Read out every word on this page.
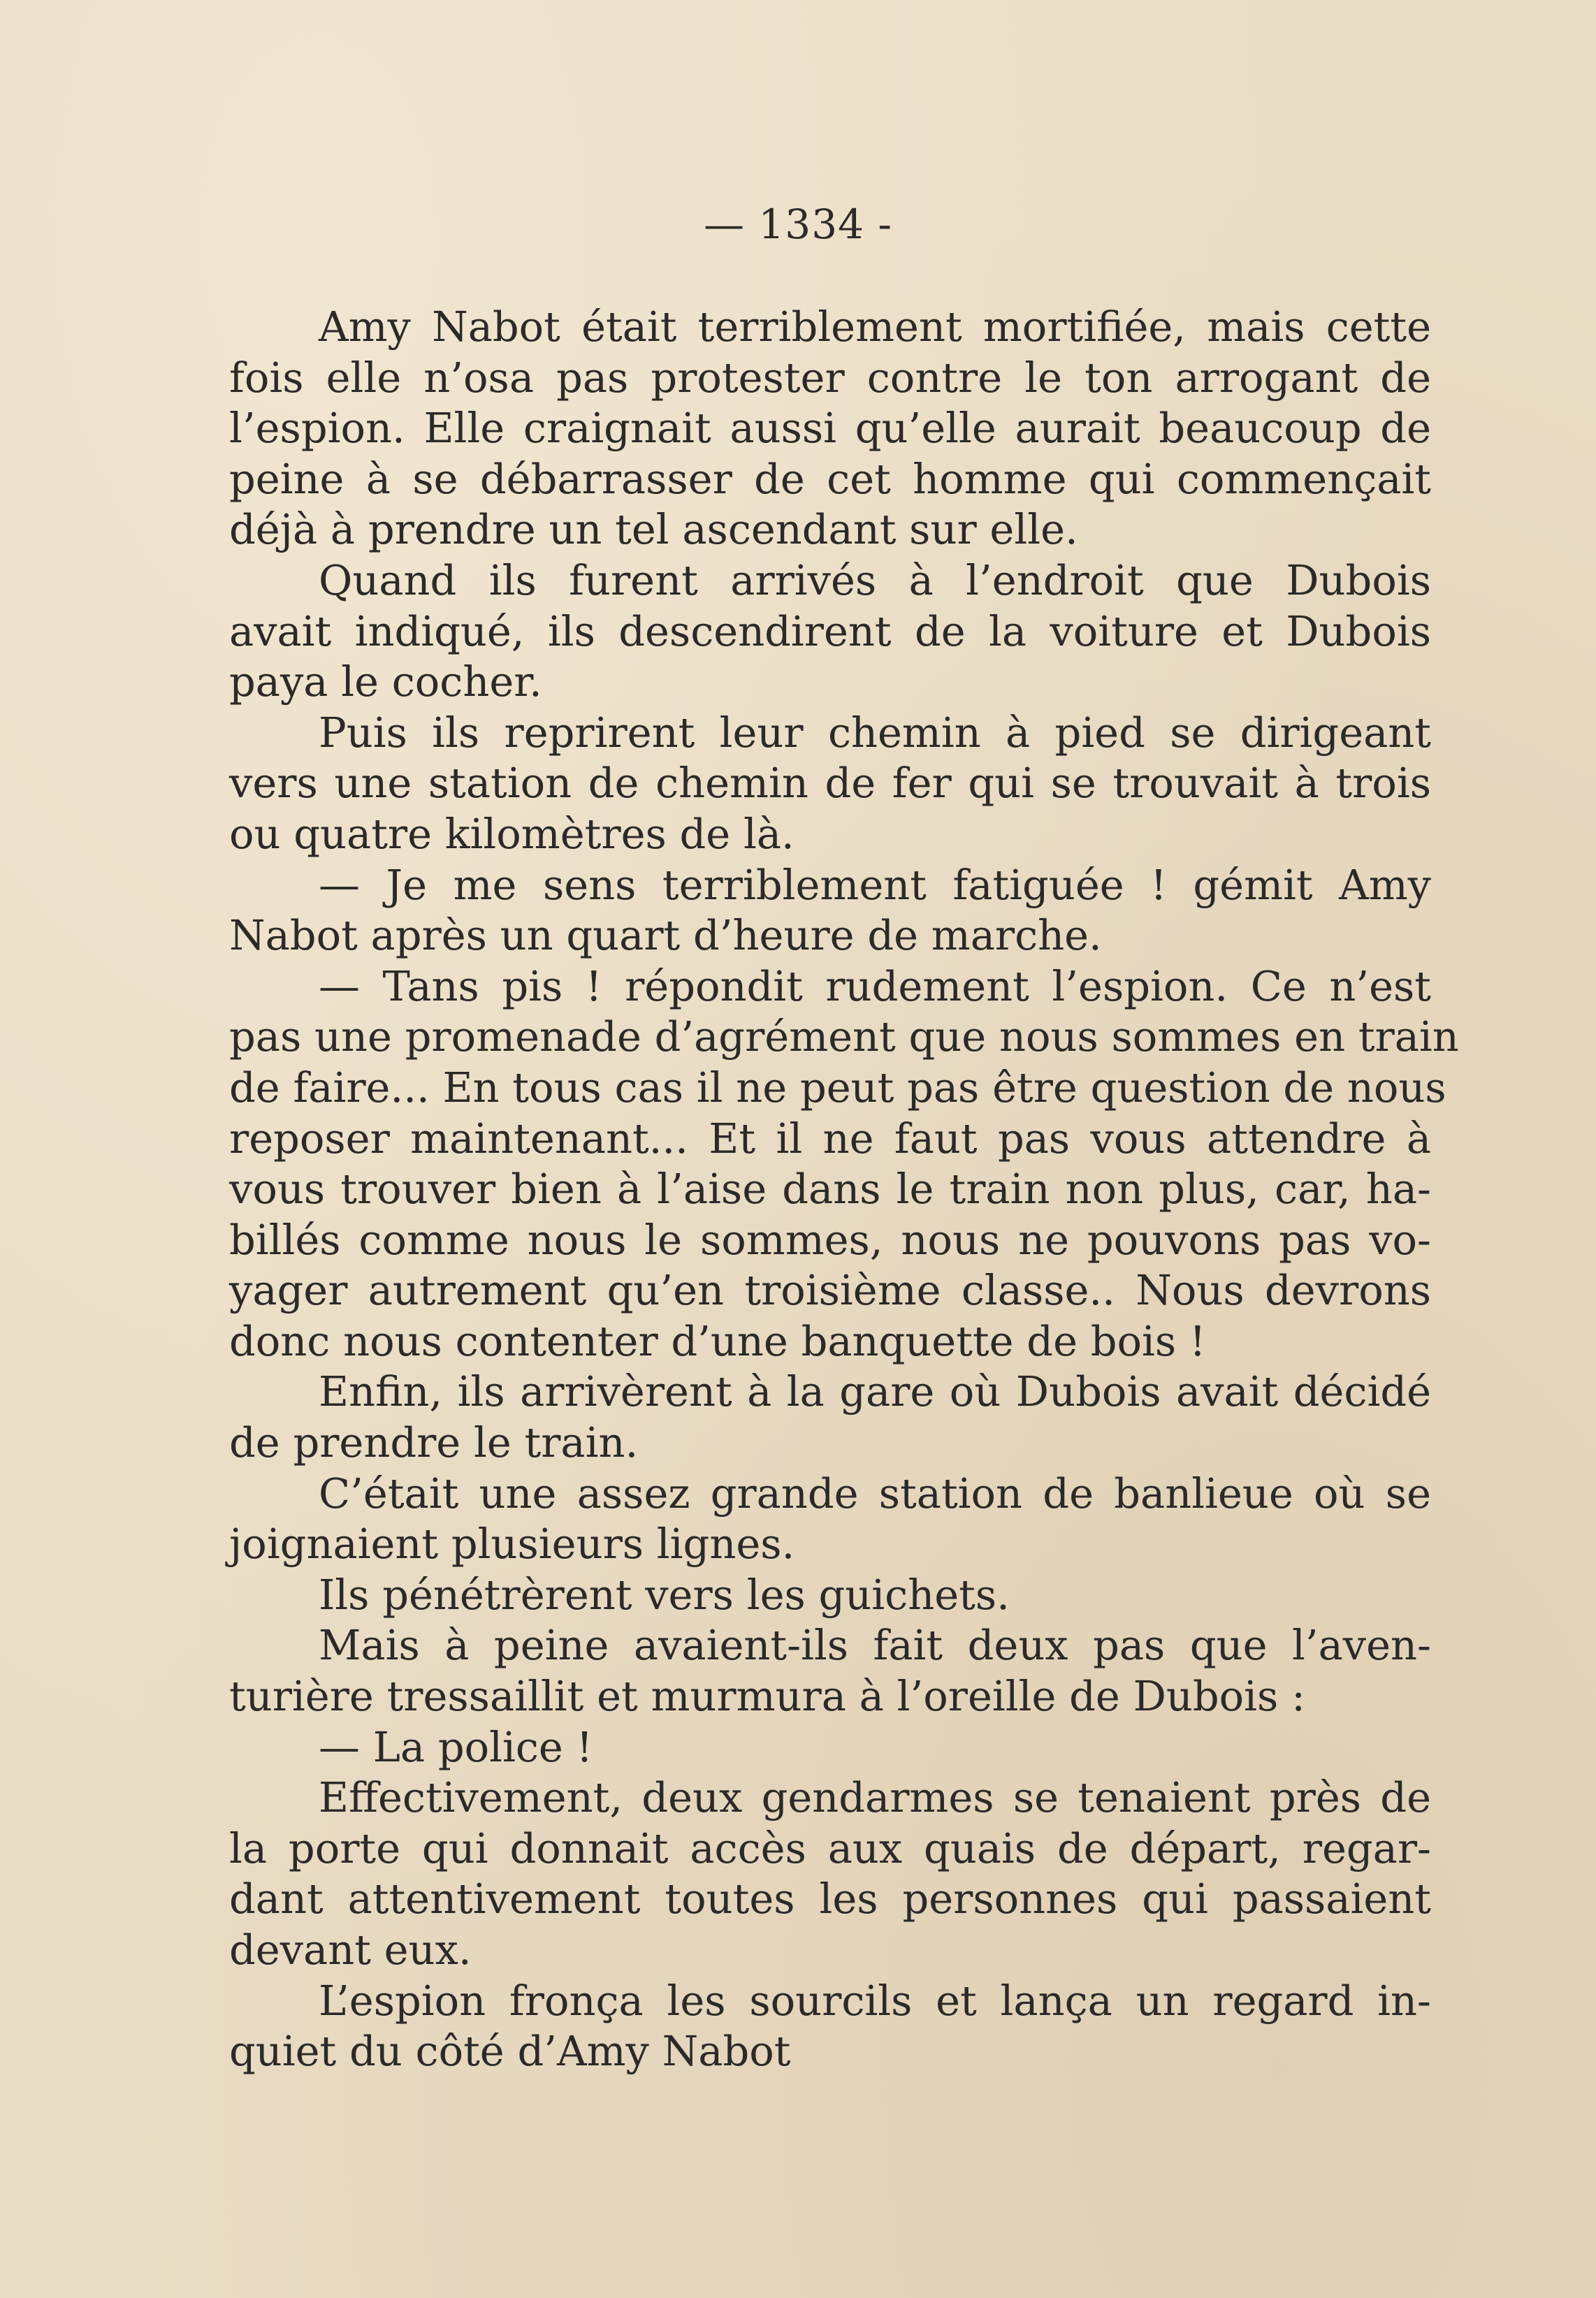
— 1334 -
Amy Nabot était terriblement mortifiée, mais cette
fois elle n’osa pas protester contre le ton arrogant de
l’espion. Elle craignait aussi qu’elle aurait beaucoup de
peine à se débarrasser de cet homme qui commençait
déjà à prendre un tel ascendant sur elle.
Quand ils furent arrivés à l’endroit que Dubois
avait indiqué, ils descendirent de la voiture et Dubois
paya le cocher.
Puis ils reprirent leur chemin à pied se dirigeant
vers une station de chemin de fer qui se trouvait à trois
ou quatre kilomètres de là.
— Je me sens terriblement fatiguée ! gémit Amy
Nabot après un quart d’heure de marche.
— Tans pis ! répondit rudement l’espion. Ce n’est
pas une promenade d’agrément que nous sommes en train
de faire... En tous cas il ne peut pas être question de nous
reposer maintenant... Et il ne faut pas vous attendre à
vous trouver bien à l’aise dans le train non plus, car, ha-
billés comme nous le sommes, nous ne pouvons pas vo-
yager autrement qu’en troisième classe.. Nous devrons
donc nous contenter d’une banquette de bois !
Enfin, ils arrivèrent à la gare où Dubois avait décidé
de prendre le train.
C’était une assez grande station de banlieue où se
joignaient plusieurs lignes.
Ils pénétrèrent vers les guichets.
Mais à peine avaient-ils fait deux pas que l’aven-
turière tressaillit et murmura à l’oreille de Dubois :
— La police !
Effectivement, deux gendarmes se tenaient près de
la porte qui donnait accès aux quais de départ, regar-
dant attentivement toutes les personnes qui passaient
devant eux.
L’espion fronça les sourcils et lança un regard in-
quiet du côté d’Amy Nabot
